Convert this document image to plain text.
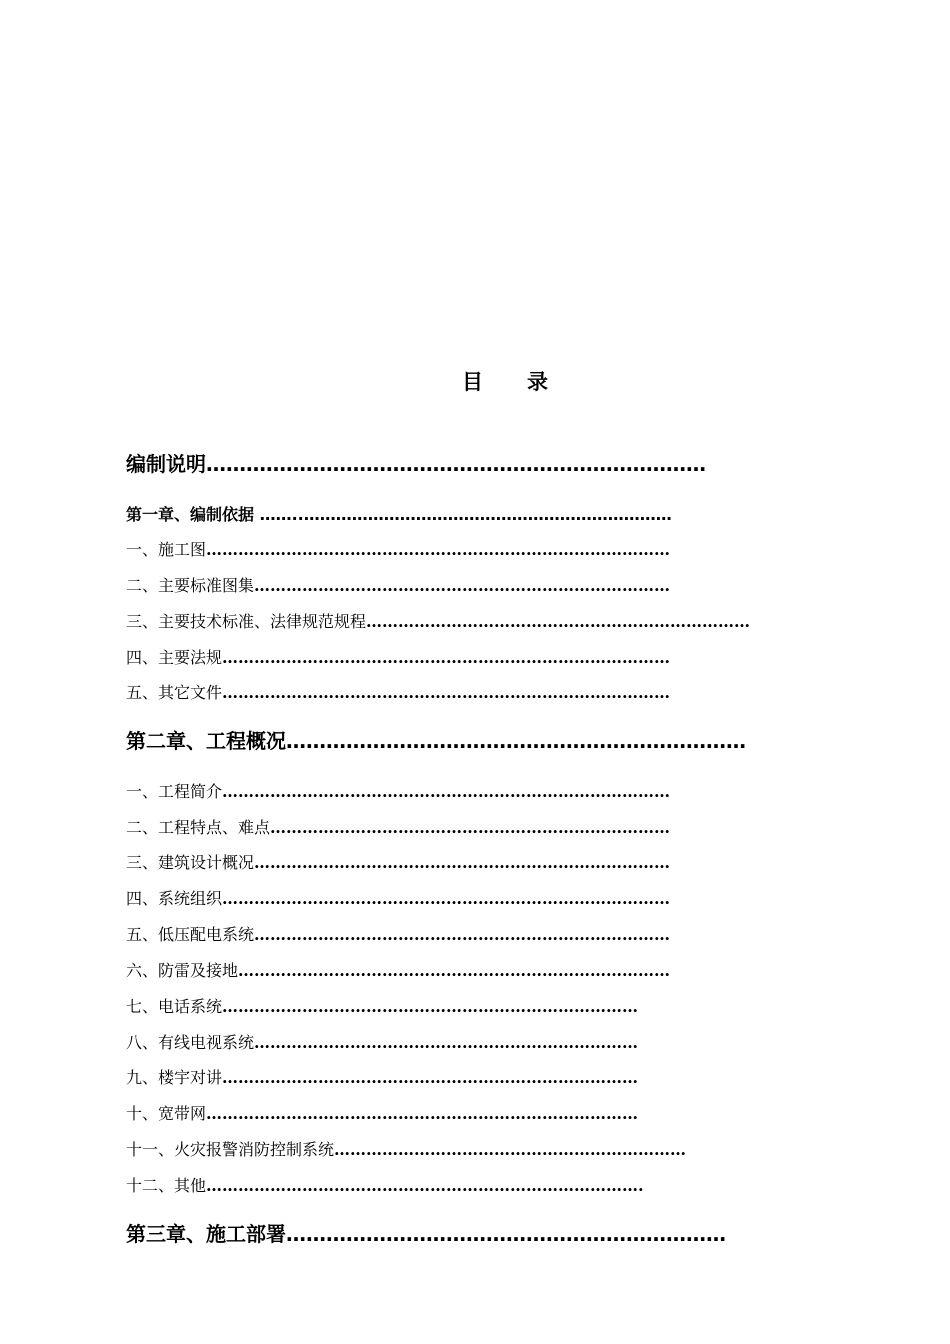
目 录
编制说明…………………………………………………………………
第一章、编制依据 ……..……………………………………………………………
一、施工图……………………………………………………………………………
二、主要标准图集……………………………………………………………………
三、主要技术标准、法律规范规程………………………………………………………………
四、主要法规…………………………………………………………………………
五、其它文件…………………………………………………………………………
第二章、工程概况……………………………………………………………
一、工程简介…………………………………………………………………………
二、工程特点、难点…………………………………………………………………
三、建筑设计概况……………………………………………………………………
四、系统组织…………………………………………………………………………
五、低压配电系统……………………………………………………………………
六、防雷及接地………………………………………………………………………
七、电话系统……………………………………………………………………
八、有线电视系统………………………………………………………………
九、楼宇对讲……………………………………………………………………
十、宽带网………………………………………………………………………
十一、火灾报警消防控制系统…………………………………………………………
十二、其他……………………………………………………………………….
第三章、施工部署…………………………………………………………
